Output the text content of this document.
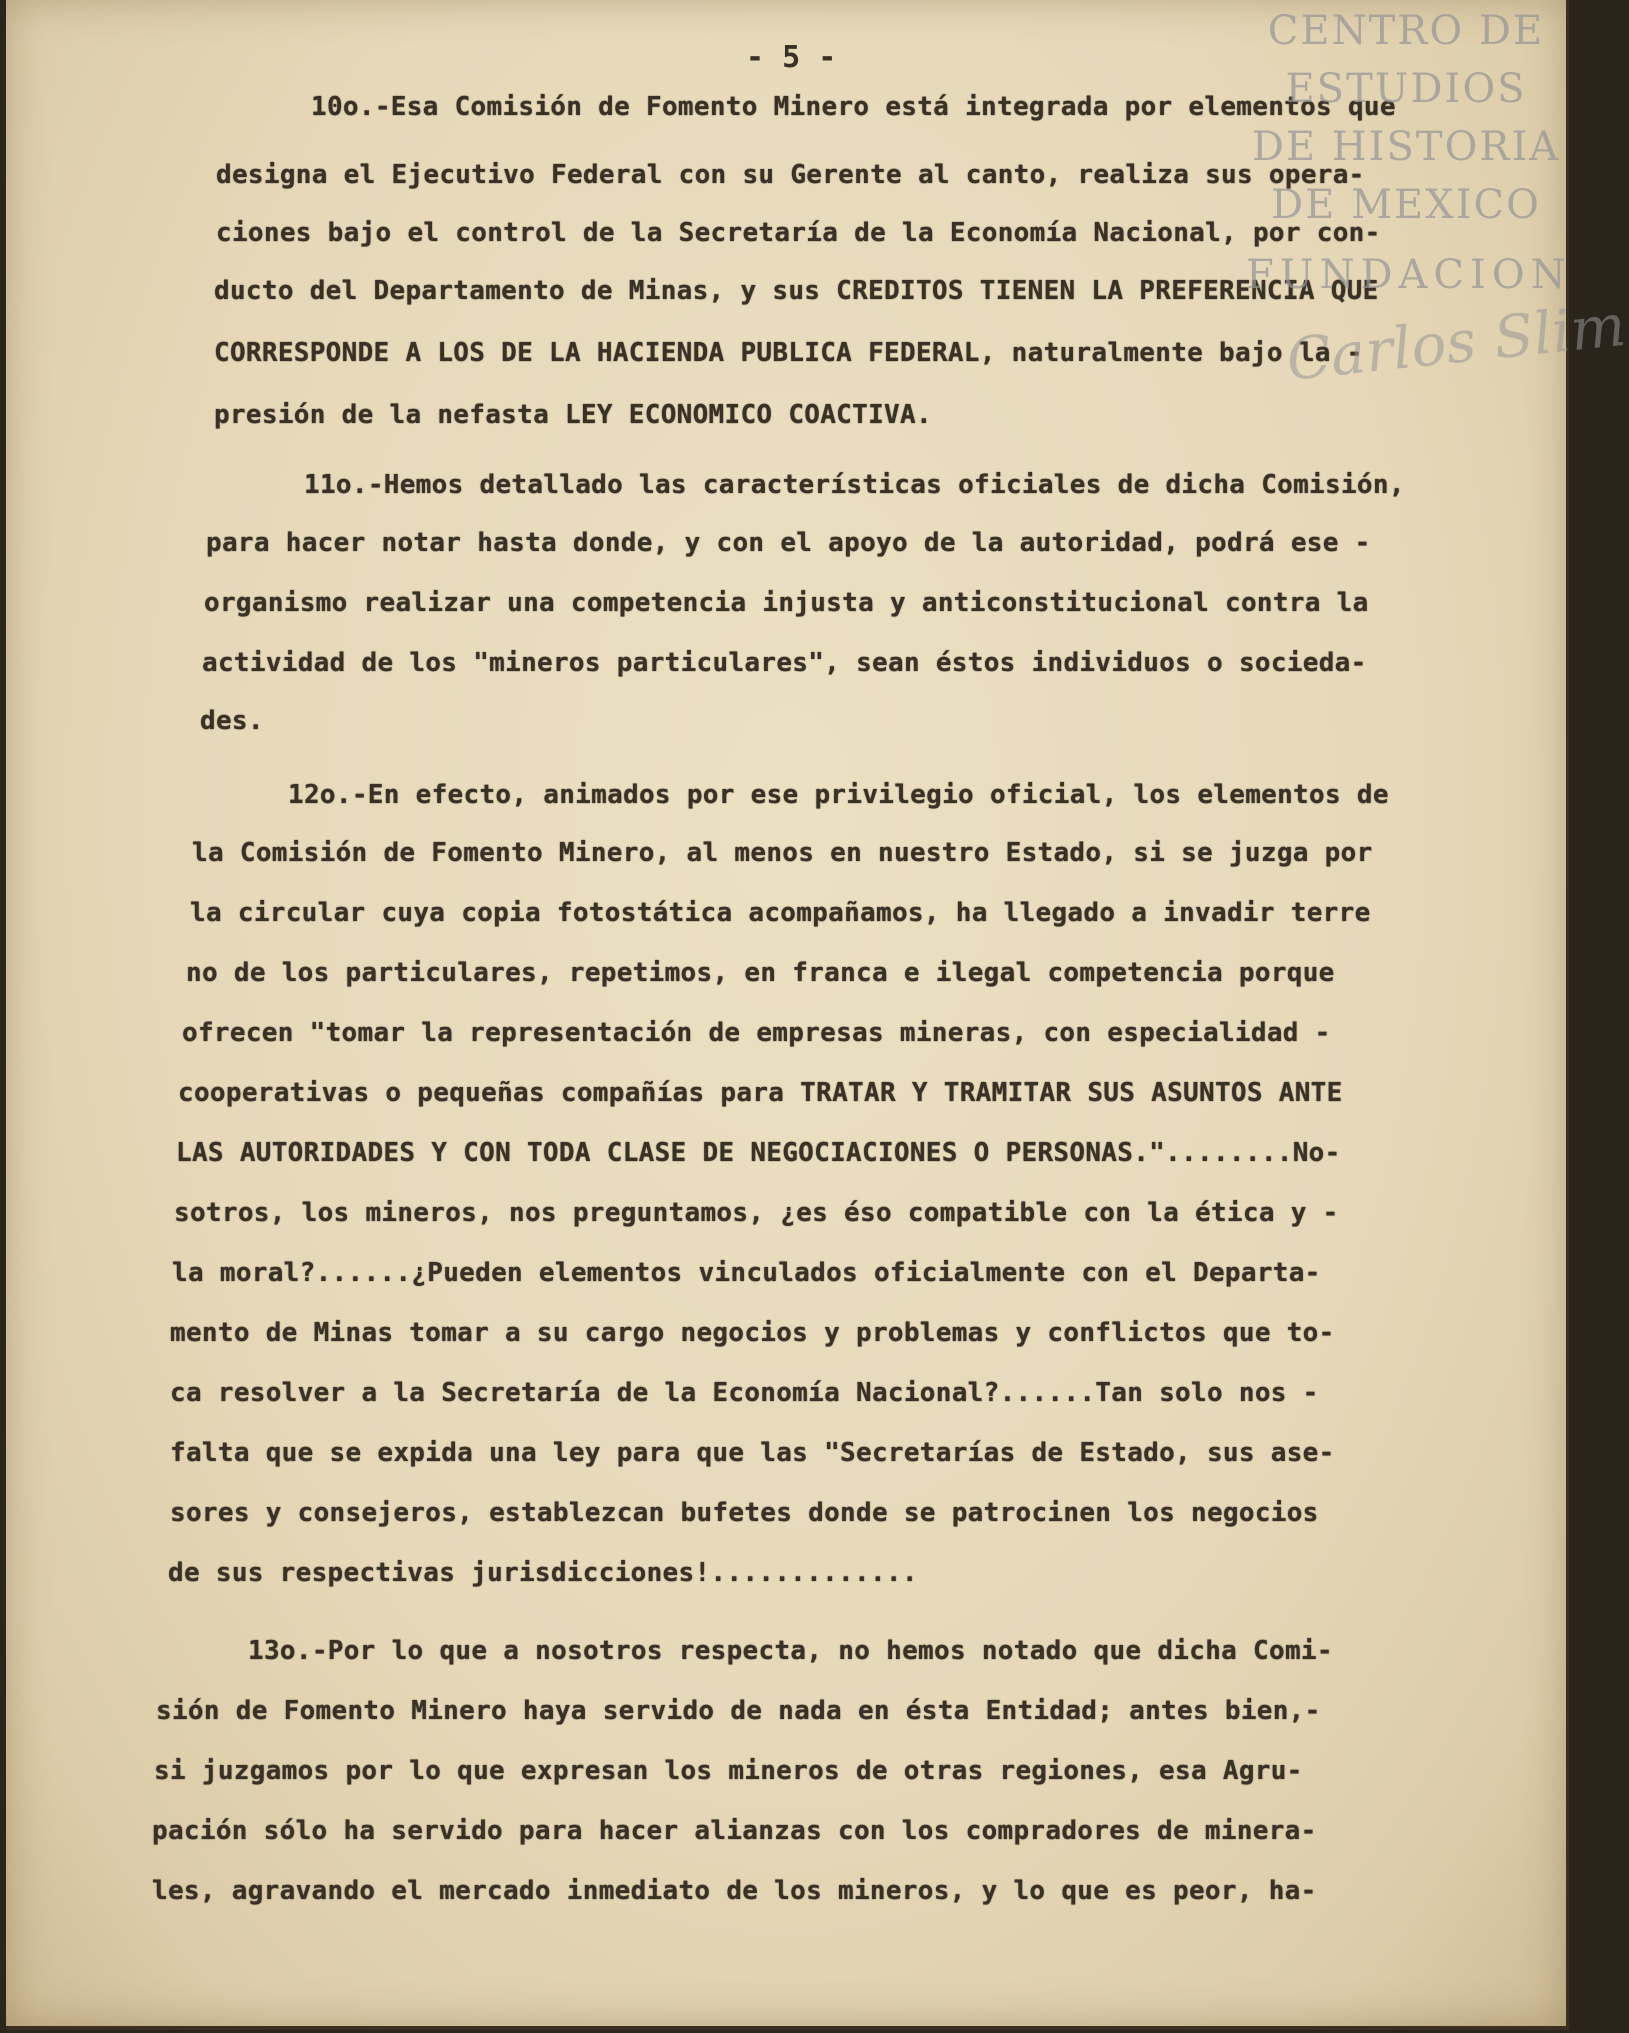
- 5 -
10o.-Esa Comisión de Fomento Minero está integrada por elementos que
designa el Ejecutivo Federal con su Gerente al canto, realiza sus opera-
ciones bajo el control de la Secretaría de la Economía Nacional, por con-
ducto del Departamento de Minas, y sus CREDITOS TIENEN LA PREFERENCIA QUE
CORRESPONDE A LOS DE LA HACIENDA PUBLICA FEDERAL, naturalmente bajo la -
presión de la nefasta LEY ECONOMICO COACTIVA.
11o.-Hemos detallado las características oficiales de dicha Comisión,
para hacer notar hasta donde, y con el apoyo de la autoridad, podrá ese -
organismo realizar una competencia injusta y anticonstitucional contra la
actividad de los "mineros particulares", sean éstos individuos o socieda-
des.
12o.-En efecto, animados por ese privilegio oficial, los elementos de
la Comisión de Fomento Minero, al menos en nuestro Estado, si se juzga por
la circular cuya copia fotostática acompañamos, ha llegado a invadir terre
no de los particulares, repetimos, en franca e ilegal competencia porque
ofrecen "tomar la representación de empresas mineras, con especialidad -
cooperativas o pequeñas compañías para TRATAR Y TRAMITAR SUS ASUNTOS ANTE
LAS AUTORIDADES Y CON TODA CLASE DE NEGOCIACIONES O PERSONAS."........No-
sotros, los mineros, nos preguntamos, ¿es éso compatible con la ética y -
la moral?......¿Pueden elementos vinculados oficialmente con el Departa-
mento de Minas tomar a su cargo negocios y problemas y conflictos que to-
ca resolver a la Secretaría de la Economía Nacional?......Tan solo nos -
falta que se expida una ley para que las "Secretarías de Estado, sus ase-
sores y consejeros, establezcan bufetes donde se patrocinen los negocios
de sus respectivas jurisdicciones!.............
13o.-Por lo que a nosotros respecta, no hemos notado que dicha Comi-
sión de Fomento Minero haya servido de nada en ésta Entidad; antes bien,-
si juzgamos por lo que expresan los mineros de otras regiones, esa Agru-
pación sólo ha servido para hacer alianzas con los compradores de minera-
les, agravando el mercado inmediato de los mineros, y lo que es peor, ha-
CENTRO DE
ESTUDIOS
DE HISTORIA
DE MEXICO
FUNDACION
Carlos Slim
